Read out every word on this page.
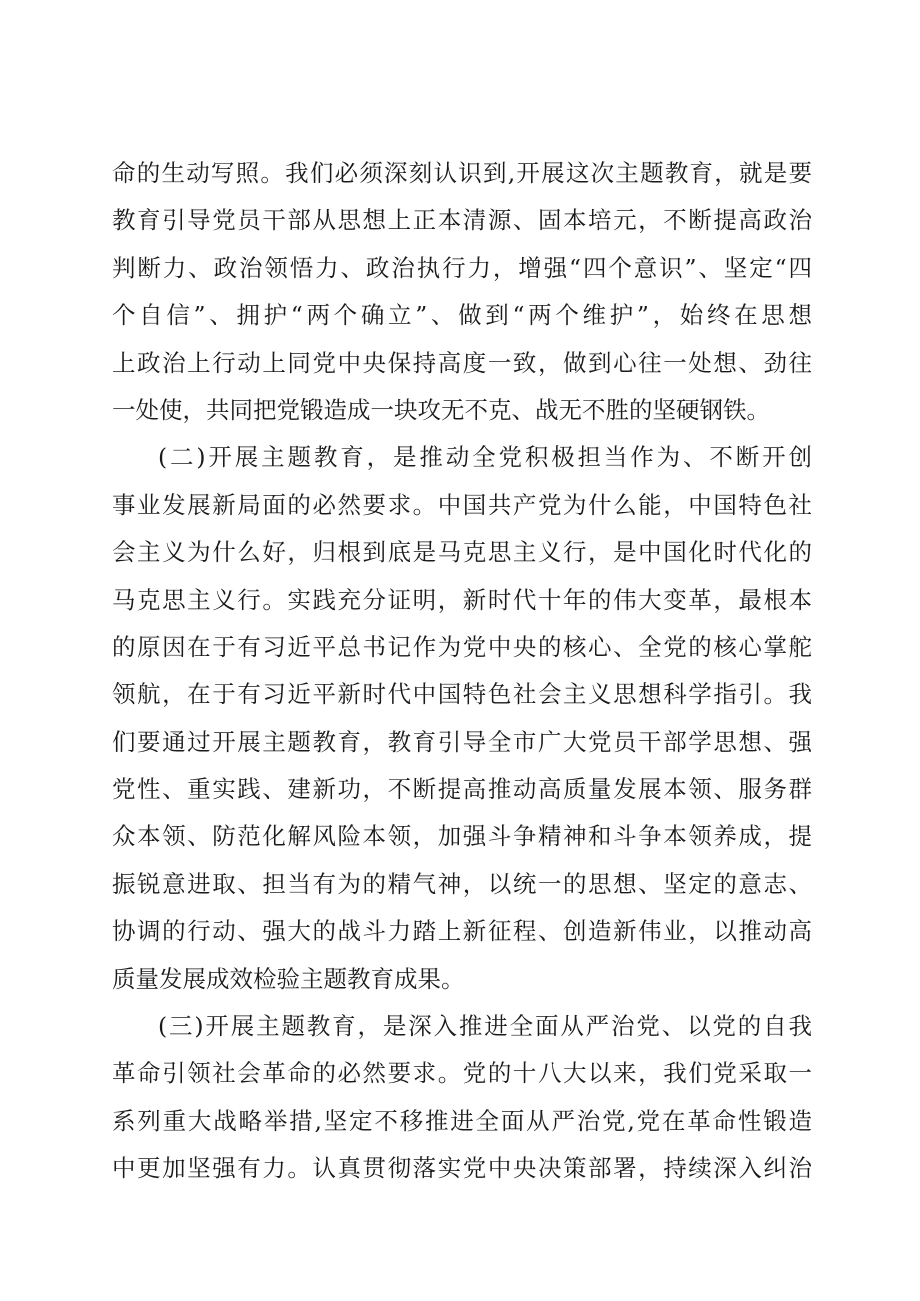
命的生动写照。我们必须深刻认识到,开展这次主题教育，就是要
教育引导党员干部从思想上正本清源、固本培元，不断提高政治
判断力、政治领悟力、政治执行力，增强“四个意识”、坚定“四
个自信”、拥护“两个确立”、做到“两个维护”，始终在思想
上政治上行动上同党中央保持高度一致，做到心往一处想、劲往
一处使，共同把党锻造成一块攻无不克、战无不胜的坚硬钢铁。
(二)开展主题教育，是推动全党积极担当作为、不断开创
事业发展新局面的必然要求。中国共产党为什么能，中国特色社
会主义为什么好，归根到底是马克思主义行，是中国化时代化的
马克思主义行。实践充分证明，新时代十年的伟大变革，最根本
的原因在于有习近平总书记作为党中央的核心、全党的核心掌舵
领航，在于有习近平新时代中国特色社会主义思想科学指引。我
们要通过开展主题教育，教育引导全市广大党员干部学思想、强
党性、重实践、建新功，不断提高推动高质量发展本领、服务群
众本领、防范化解风险本领，加强斗争精神和斗争本领养成，提
振锐意进取、担当有为的精气神，以统一的思想、坚定的意志、
协调的行动、强大的战斗力踏上新征程、创造新伟业，以推动高
质量发展成效检验主题教育成果。
(三)开展主题教育，是深入推进全面从严治党、以党的自我
革命引领社会革命的必然要求。党的十八大以来，我们党采取一
系列重大战略举措,坚定不移推进全面从严治党,党在革命性锻造
中更加坚强有力。认真贯彻落实党中央决策部署，持续深入纠治
